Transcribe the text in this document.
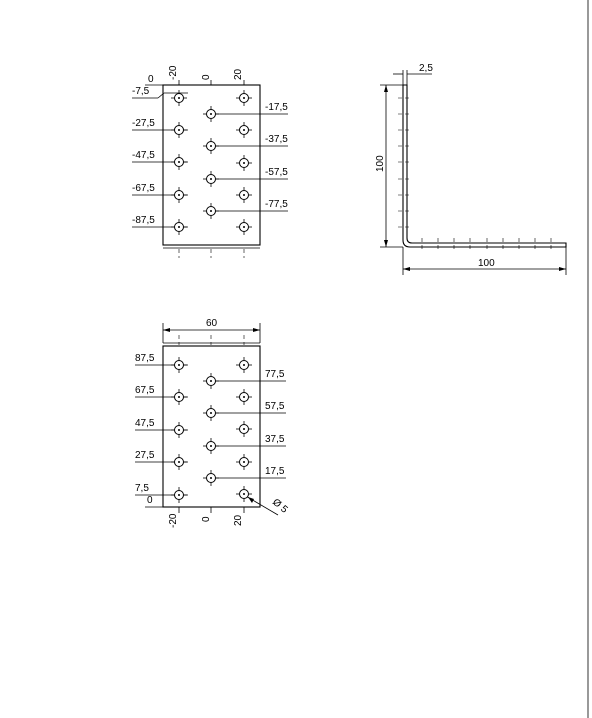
0 -20 0 20
-7,5
-27,5
-47,5
-67,5
-87,5
-17,5
-37,5
-57,5
-77,5
2,5
100
100
60
-20 0 20
Ø 5
87,5
67,5
47,5
27,5
7,5
0
77,5
57,5
37,5
17,5
